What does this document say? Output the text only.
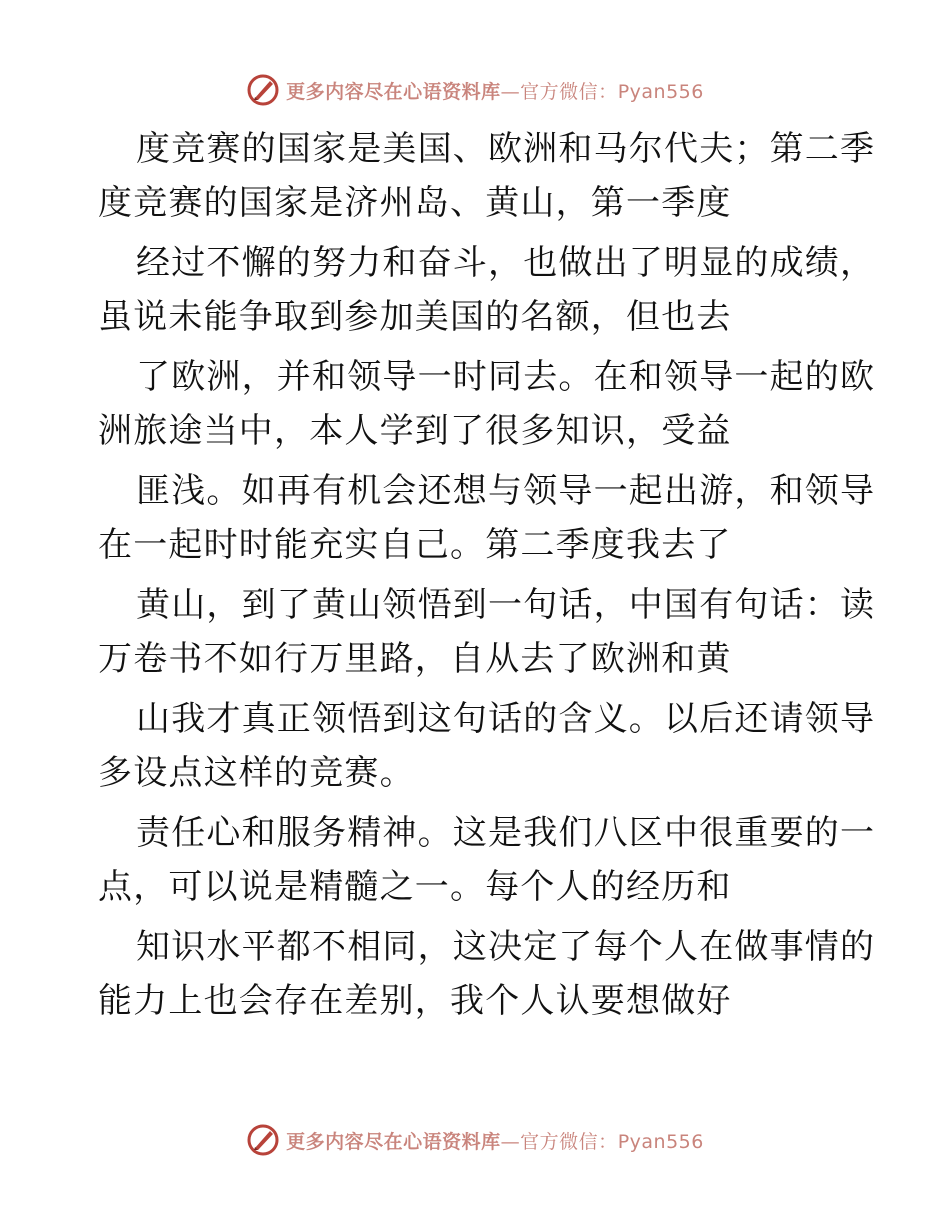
更多内容尽在心语资料库—官方微信：Pyan556
度竞赛的国家是美国、欧洲和马尔代夫；第二季
度竞赛的国家是济州岛、黄山，第一季度
经过不懈的努力和奋斗，也做出了明显的成绩，
虽说未能争取到参加美国的名额，但也去
了欧洲，并和领导一时同去。在和领导一起的欧
洲旅途当中，本人学到了很多知识，受益
匪浅。如再有机会还想与领导一起出游，和领导
在一起时时能充实自己。第二季度我去了
黄山，到了黄山领悟到一句话，中国有句话：读
万卷书不如行万里路，自从去了欧洲和黄
山我才真正领悟到这句话的含义。以后还请领导
多设点这样的竞赛。
责任心和服务精神。这是我们八区中很重要的一
点，可以说是精髓之一。每个人的经历和
知识水平都不相同，这决定了每个人在做事情的
能力上也会存在差别，我个人认要想做好
更多内容尽在心语资料库—官方微信：Pyan556
